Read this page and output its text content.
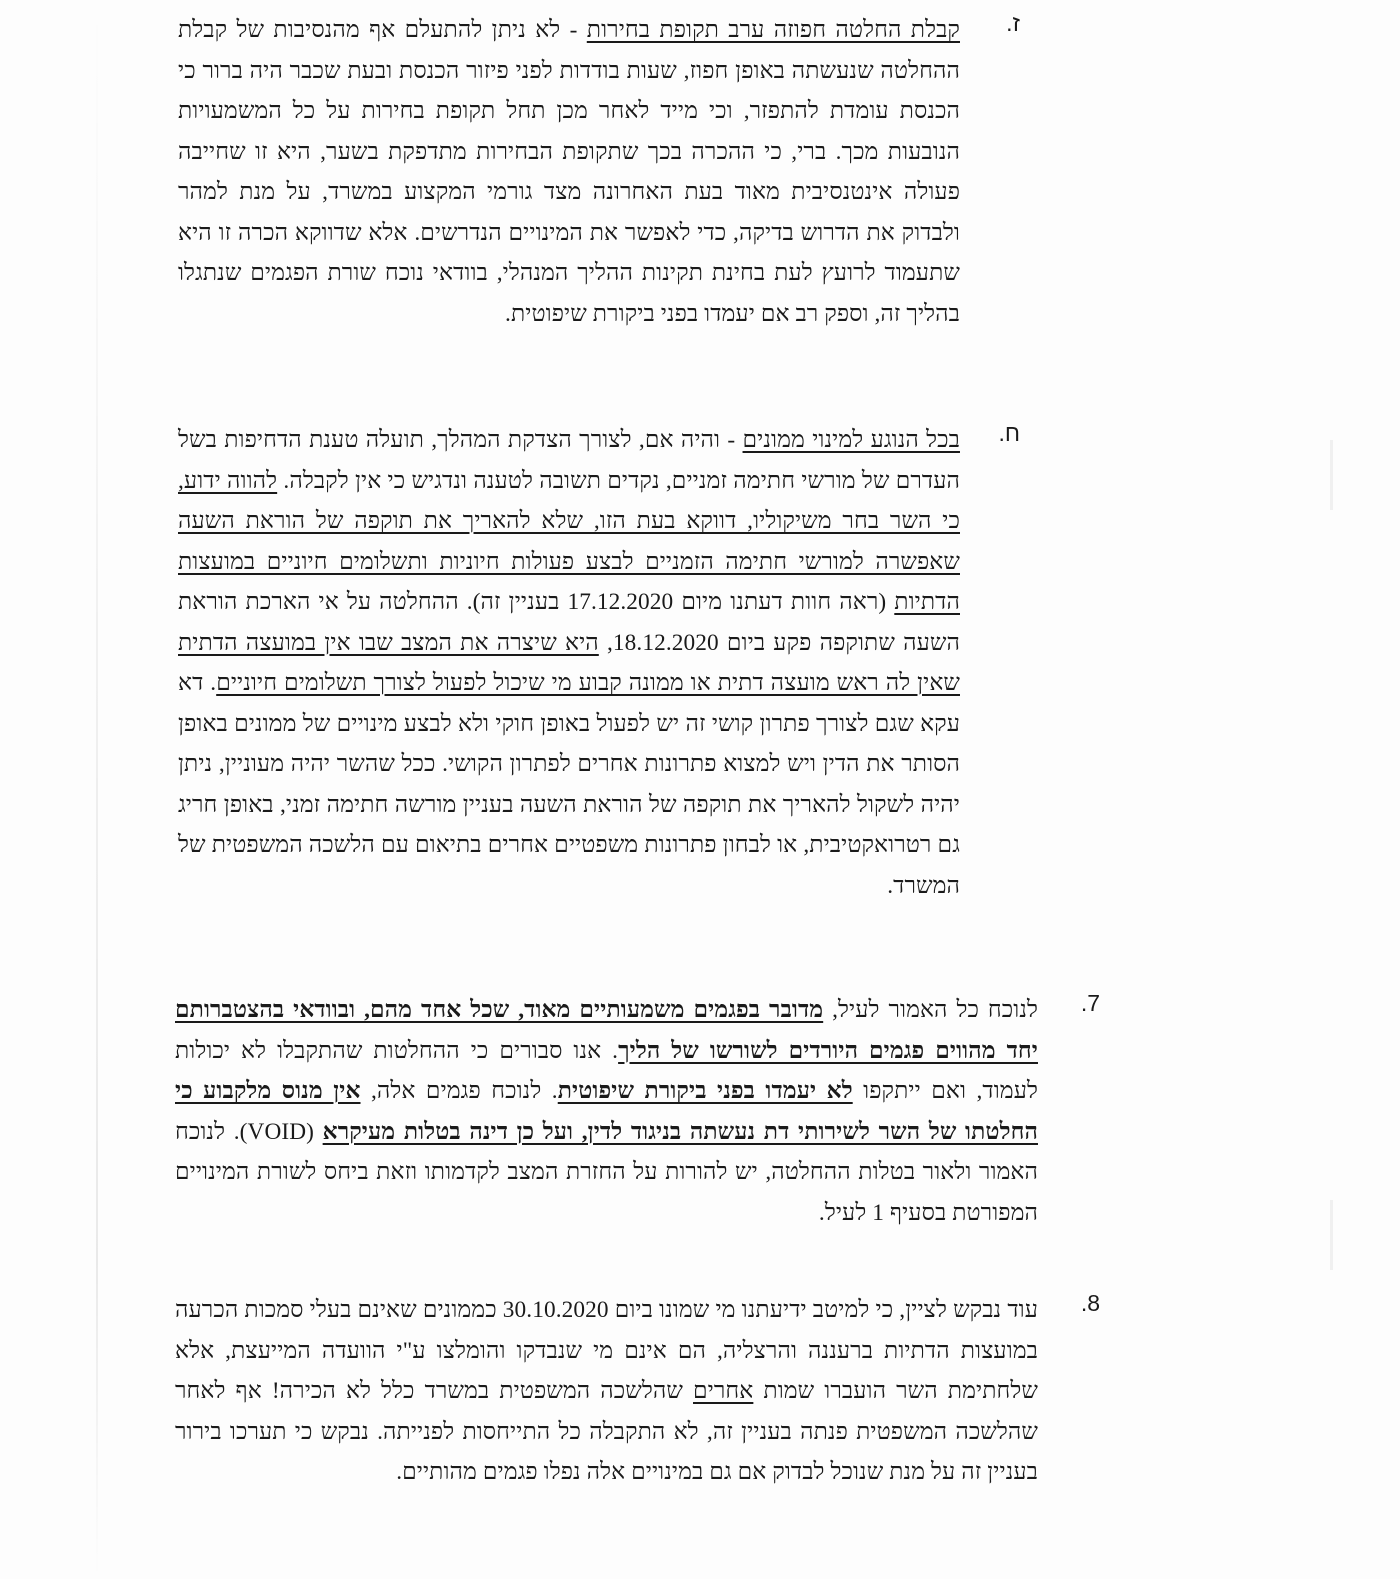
ז.

קבלת החלטה חפוזה ערב תקופת בחירות - לא ניתן להתעלם אף מהנסיבות של קבלת ההחלטה שנעשתה באופן חפוז, שעות בודדות לפני פיזור הכנסת ובעת שכבר היה ברור כי הכנסת עומדת להתפזר, וכי מייד לאחר מכן תחל תקופת בחירות על כל המשמעויות הנובעות מכך. ברי, כי ההכרה בכך שתקופת הבחירות מתדפקת בשער, היא זו שחייבה פעולה אינטנסיבית מאוד בעת האחרונה מצד גורמי המקצוע במשרד, על מנת למהר ולבדוק את הדרוש בדיקה, כדי לאפשר את המינויים הנדרשים. אלא שדווקא הכרה זו היא שתעמוד לרועץ לעת בחינת תקינות ההליך המנהלי, בוודאי נוכח שורת הפגמים שנתגלו בהליך זה, וספק רב אם יעמדו בפני ביקורת שיפוטית.

ח.

בכל הנוגע למינוי ממונים - והיה אם, לצורך הצדקת המהלך, תועלה טענת הדחיפות בשל העדרם של מורשי חתימה זמניים, נקדים תשובה לטענה ונדגיש כי אין לקבלה. להווה ידוע, כי השר בחר משיקוליו, דווקא בעת הזו, שלא להאריך את תוקפה של הוראת השעה שאפשרה למורשי חתימה הזמניים לבצע פעולות חיוניות ותשלומים חיוניים במועצות הדתיות (ראה חוות דעתנו מיום 17.12.2020 בעניין זה). ההחלטה על אי הארכת הוראת השעה שתוקפה פקע ביום 18.12.2020, היא שיצרה את המצב שבו אין במועצה הדתית שאין לה ראש מועצה דתית או ממונה קבוע מי שיכול לפעול לצורך תשלומים חיוניים. דא עקא שגם לצורך פתרון קושי זה יש לפעול באופן חוקי ולא לבצע מינויים של ממונים באופן הסותר את הדין ויש למצוא פתרונות אחרים לפתרון הקושי. ככל שהשר יהיה מעוניין, ניתן יהיה לשקול להאריך את תוקפה של הוראת השעה בעניין מורשה חתימה זמני, באופן חריג גם רטרואקטיבית, או לבחון פתרונות משפטיים אחרים בתיאום עם הלשכה המשפטית של המשרד.

7.

לנוכח כל האמור לעיל, מדובר בפגמים משמעותיים מאוד, שכל אחד מהם, ובוודאי בהצטברותם יחד מהווים פגמים היורדים לשורשו של הליך. אנו סבורים כי ההחלטות שהתקבלו לא יכולות לעמוד, ואם ייתקפו לא יעמדו בפני ביקורת שיפוטית. לנוכח פגמים אלה, אין מנוס מלקבוע כי החלטתו של השר לשירותי דת נעשתה בניגוד לדין, ועל כן דינה בטלות מעיקרא (VOID). לנוכח האמור ולאור בטלות ההחלטה, יש להורות על החזרת המצב לקדמותו וזאת ביחס לשורת המינויים המפורטת בסעיף 1 לעיל.

8.

עוד נבקש לציין, כי למיטב ידיעתנו מי שמונו ביום 30.10.2020 כממונים שאינם בעלי סמכות הכרעה במועצות הדתיות ברעננה והרצליה, הם אינם מי שנבדקו והומלצו ע"י הוועדה המייעצת, אלא שלחתימת השר הועברו שמות אחרים שהלשכה המשפטית במשרד כלל לא הכירה! אף לאחר שהלשכה המשפטית פנתה בעניין זה, לא התקבלה כל התייחסות לפנייתה. נבקש כי תערכו בירור בעניין זה על מנת שנוכל לבדוק אם גם במינויים אלה נפלו פגמים מהותיים.
